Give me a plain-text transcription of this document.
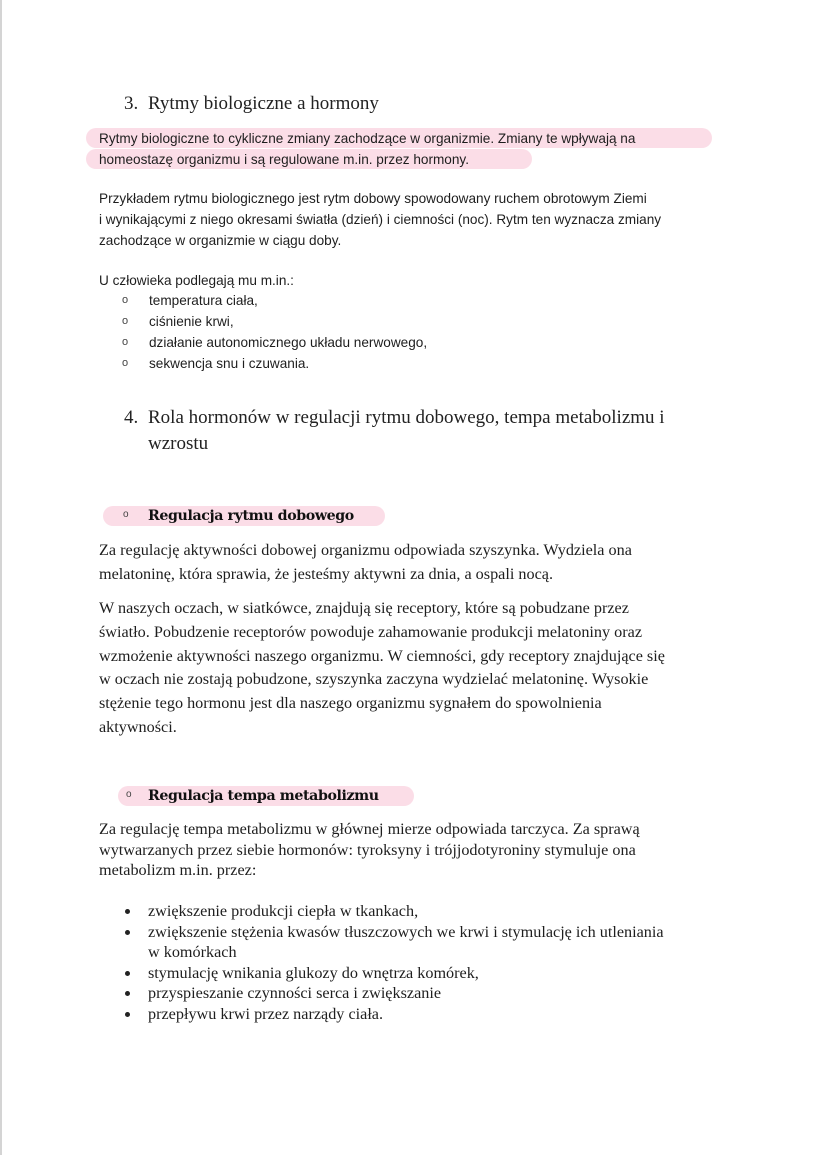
3. Rytmy biologiczne a hormony
Rytmy biologiczne to cykliczne zmiany zachodzące w organizmie. Zmiany te wpływają na
homeostazę organizmu i są regulowane m.in. przez hormony.
Przykładem rytmu biologicznego jest rytm dobowy spowodowany ruchem obrotowym Ziemi
i wynikającymi z niego okresami światła (dzień) i ciemności (noc). Rytm ten wyznacza zmiany
zachodzące w organizmie w ciągu doby.
U człowieka podlegają mu m.in.:
o temperatura ciała,
o ciśnienie krwi,
o działanie autonomicznego układu nerwowego,
o sekwencja snu i czuwania.
4. Rola hormonów w regulacji rytmu dobowego, tempa metabolizmu i
wzrostu
o Regulacja rytmu dobowego
Za regulację aktywności dobowej organizmu odpowiada szyszynka. Wydziela ona
melatoninę, która sprawia, że jesteśmy aktywni za dnia, a ospali nocą.
W naszych oczach, w siatkówce, znajdują się receptory, które są pobudzane przez
światło. Pobudzenie receptorów powoduje zahamowanie produkcji melatoniny oraz
wzmożenie aktywności naszego organizmu. W ciemności, gdy receptory znajdujące się
w oczach nie zostają pobudzone, szyszynka zaczyna wydzielać melatoninę. Wysokie
stężenie tego hormonu jest dla naszego organizmu sygnałem do spowolnienia
aktywności.
o Regulacja tempa metabolizmu
Za regulację tempa metabolizmu w głównej mierze odpowiada tarczyca. Za sprawą
wytwarzanych przez siebie hormonów: tyroksyny i trójjodotyroniny stymuluje ona
metabolizm m.in. przez:
zwiększenie produkcji ciepła w tkankach,
zwiększenie stężenia kwasów tłuszczowych we krwi i stymulację ich utleniania
w komórkach
stymulację wnikania glukozy do wnętrza komórek,
przyspieszanie czynności serca i zwiększanie
przepływu krwi przez narządy ciała.
